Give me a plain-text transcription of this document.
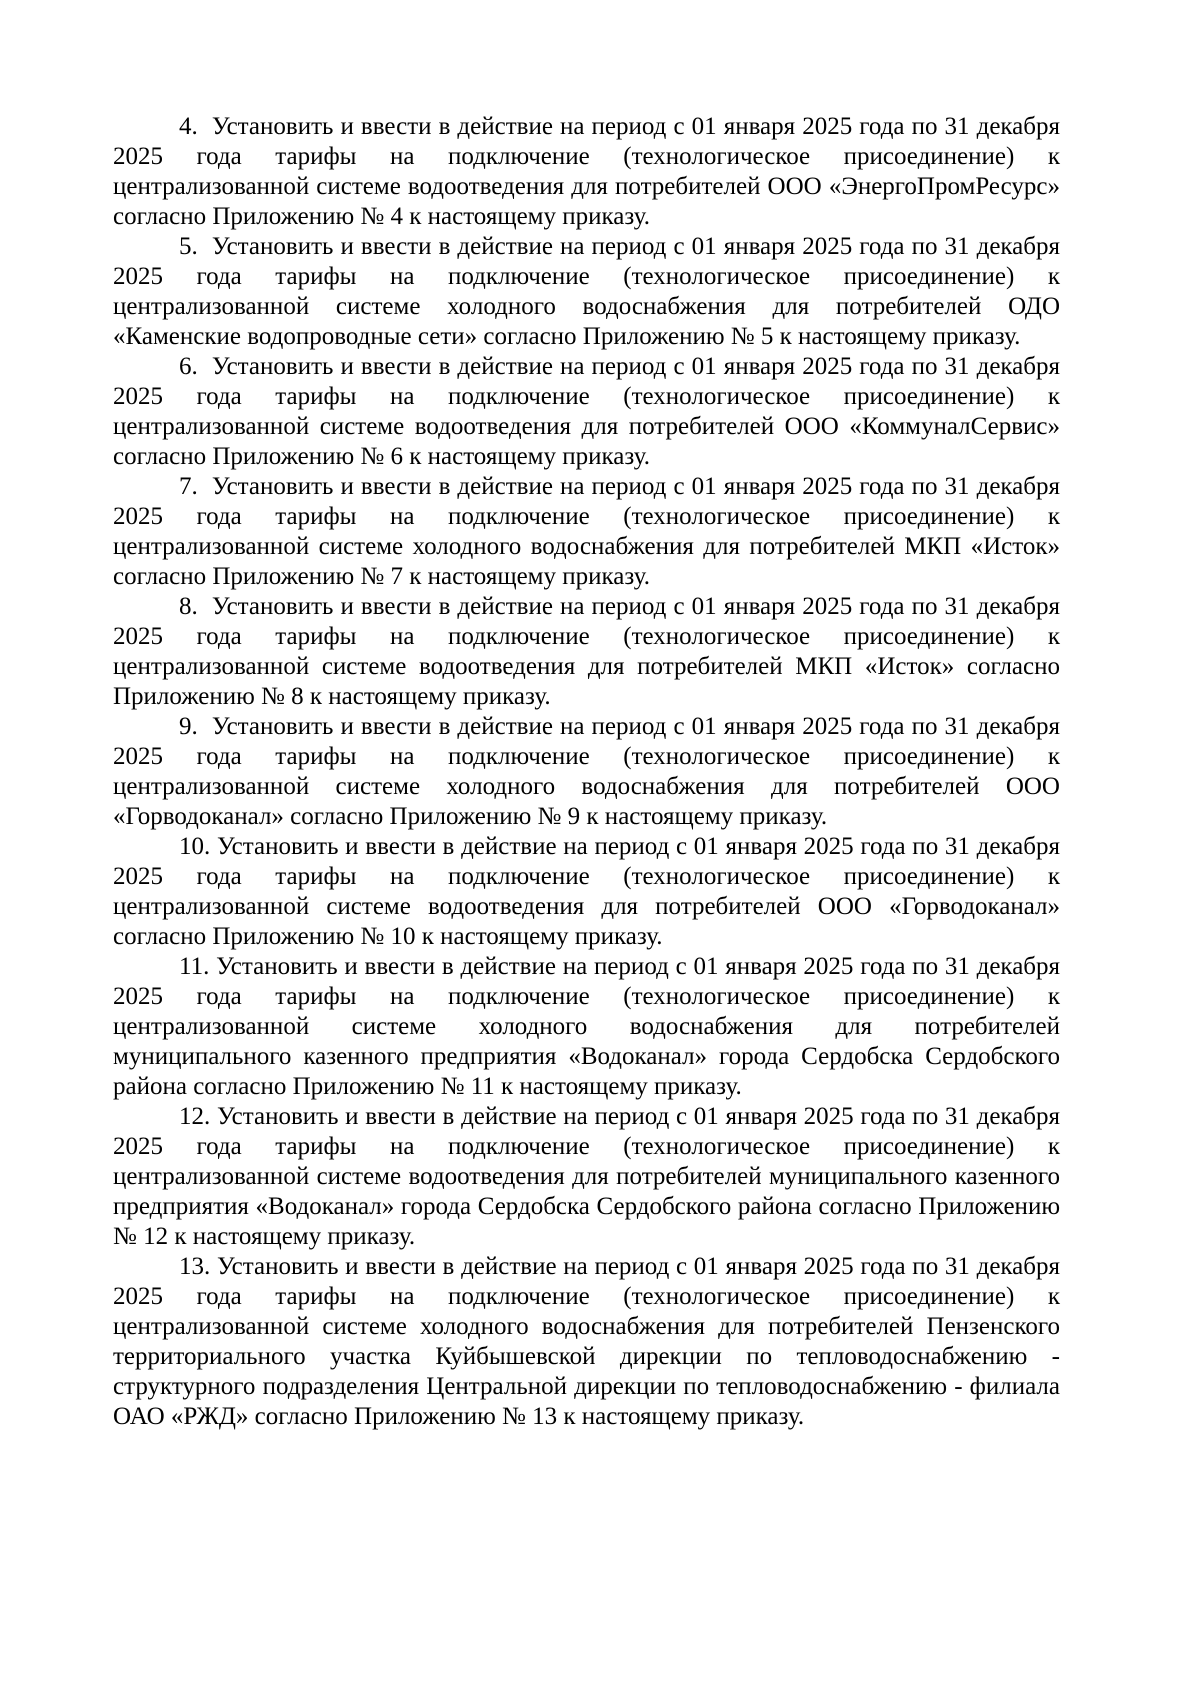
4. Установить и ввести в действие на период с 01 января 2025 года по 31 декабря 2025 года тарифы на подключение (технологическое присоединение) к централизованной системе водоотведения для потребителей ООО «ЭнергоПромРесурс» согласно Приложению № 4 к настоящему приказу.

5. Установить и ввести в действие на период с 01 января 2025 года по 31 декабря 2025 года тарифы на подключение (технологическое присоединение) к централизованной системе холодного водоснабжения для потребителей ОДО «Каменские водопроводные сети» согласно Приложению № 5 к настоящему приказу.

6. Установить и ввести в действие на период с 01 января 2025 года по 31 декабря 2025 года тарифы на подключение (технологическое присоединение) к централизованной системе водоотведения для потребителей ООО «КоммуналСервис» согласно Приложению № 6 к настоящему приказу.

7. Установить и ввести в действие на период с 01 января 2025 года по 31 декабря 2025 года тарифы на подключение (технологическое присоединение) к централизованной системе холодного водоснабжения для потребителей МКП «Исток» согласно Приложению № 7 к настоящему приказу.

8. Установить и ввести в действие на период с 01 января 2025 года по 31 декабря 2025 года тарифы на подключение (технологическое присоединение) к централизованной системе водоотведения для потребителей МКП «Исток» согласно Приложению № 8 к настоящему приказу.

9. Установить и ввести в действие на период с 01 января 2025 года по 31 декабря 2025 года тарифы на подключение (технологическое присоединение) к централизованной системе холодного водоснабжения для потребителей ООО «Горводоканал» согласно Приложению № 9 к настоящему приказу.

10. Установить и ввести в действие на период с 01 января 2025 года по 31 декабря 2025 года тарифы на подключение (технологическое присоединение) к централизованной системе водоотведения для потребителей ООО «Горводоканал» согласно Приложению № 10 к настоящему приказу.

11. Установить и ввести в действие на период с 01 января 2025 года по 31 декабря 2025 года тарифы на подключение (технологическое присоединение) к централизованной системе холодного водоснабжения для потребителей муниципального казенного предприятия «Водоканал» города Сердобска Сердобского района согласно Приложению № 11 к настоящему приказу.

12. Установить и ввести в действие на период с 01 января 2025 года по 31 декабря 2025 года тарифы на подключение (технологическое присоединение) к централизованной системе водоотведения для потребителей муниципального казенного предприятия «Водоканал» города Сердобска Сердобского района согласно Приложению № 12 к настоящему приказу.

13. Установить и ввести в действие на период с 01 января 2025 года по 31 декабря 2025 года тарифы на подключение (технологическое присоединение) к централизованной системе холодного водоснабжения для потребителей Пензенского территориального участка Куйбышевской дирекции по тепловодоснабжению - структурного подразделения Центральной дирекции по тепловодоснабжению - филиала ОАО «РЖД» согласно Приложению № 13 к настоящему приказу.
